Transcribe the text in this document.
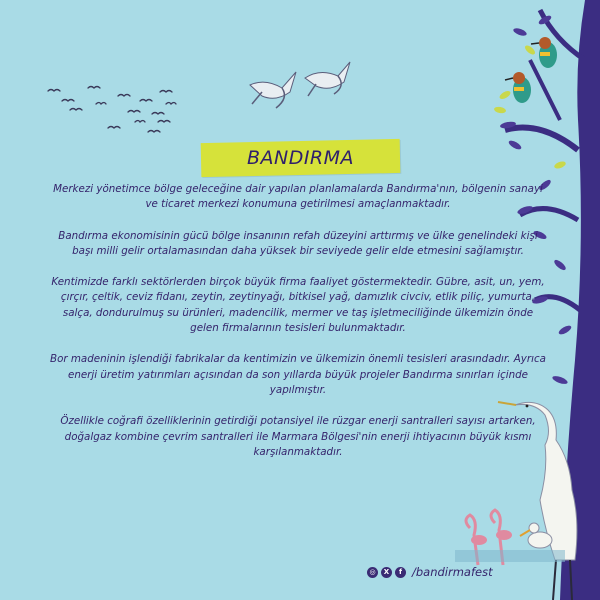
BANDIRMA

Merkezi yönetimce bölge geleceğine dair yapılan planlamalarda Bandırma'nın, bölgenin sanayi ve ticaret merkezi konumuna getirilmesi amaçlanmaktadır.

Bandırma ekonomisinin gücü bölge insanının refah düzeyini arttırmış ve ülke genelindeki kişi başı milli gelir ortalamasından daha yüksek bir seviyede gelir elde etmesini sağlamıştır.

Kentimizde farklı sektörlerden birçok büyük firma faaliyet göstermektedir. Gübre, asit, un, yem, çırçır, çeltik, ceviz fidanı, zeytin, zeytinyağı, bitkisel yağ, damızlık civciv, etlik piliç, yumurta, salça, dondurulmuş su ürünleri, madencilik, mermer ve taş işletmeciliğinde ülkemizin önde gelen firmalarının tesisleri bulunmaktadır.

Bor madeninin işlendiği fabrikalar da kentimizin ve ülkemizin önemli tesisleri arasındadır. Ayrıca enerji üretim yatırımları açısından da son yıllarda büyük projeler Bandırma sınırları içinde yapılmıştır.

Özellikle coğrafi özelliklerinin getirdiği potansiyel ile rüzgar enerji santralleri sayısı artarken, doğalgaz kombine çevrim santralleri ile Marmara Bölgesi'nin enerji ihtiyacının büyük kısmı karşılanmaktadır.

◎	X	f /bandirmafest
